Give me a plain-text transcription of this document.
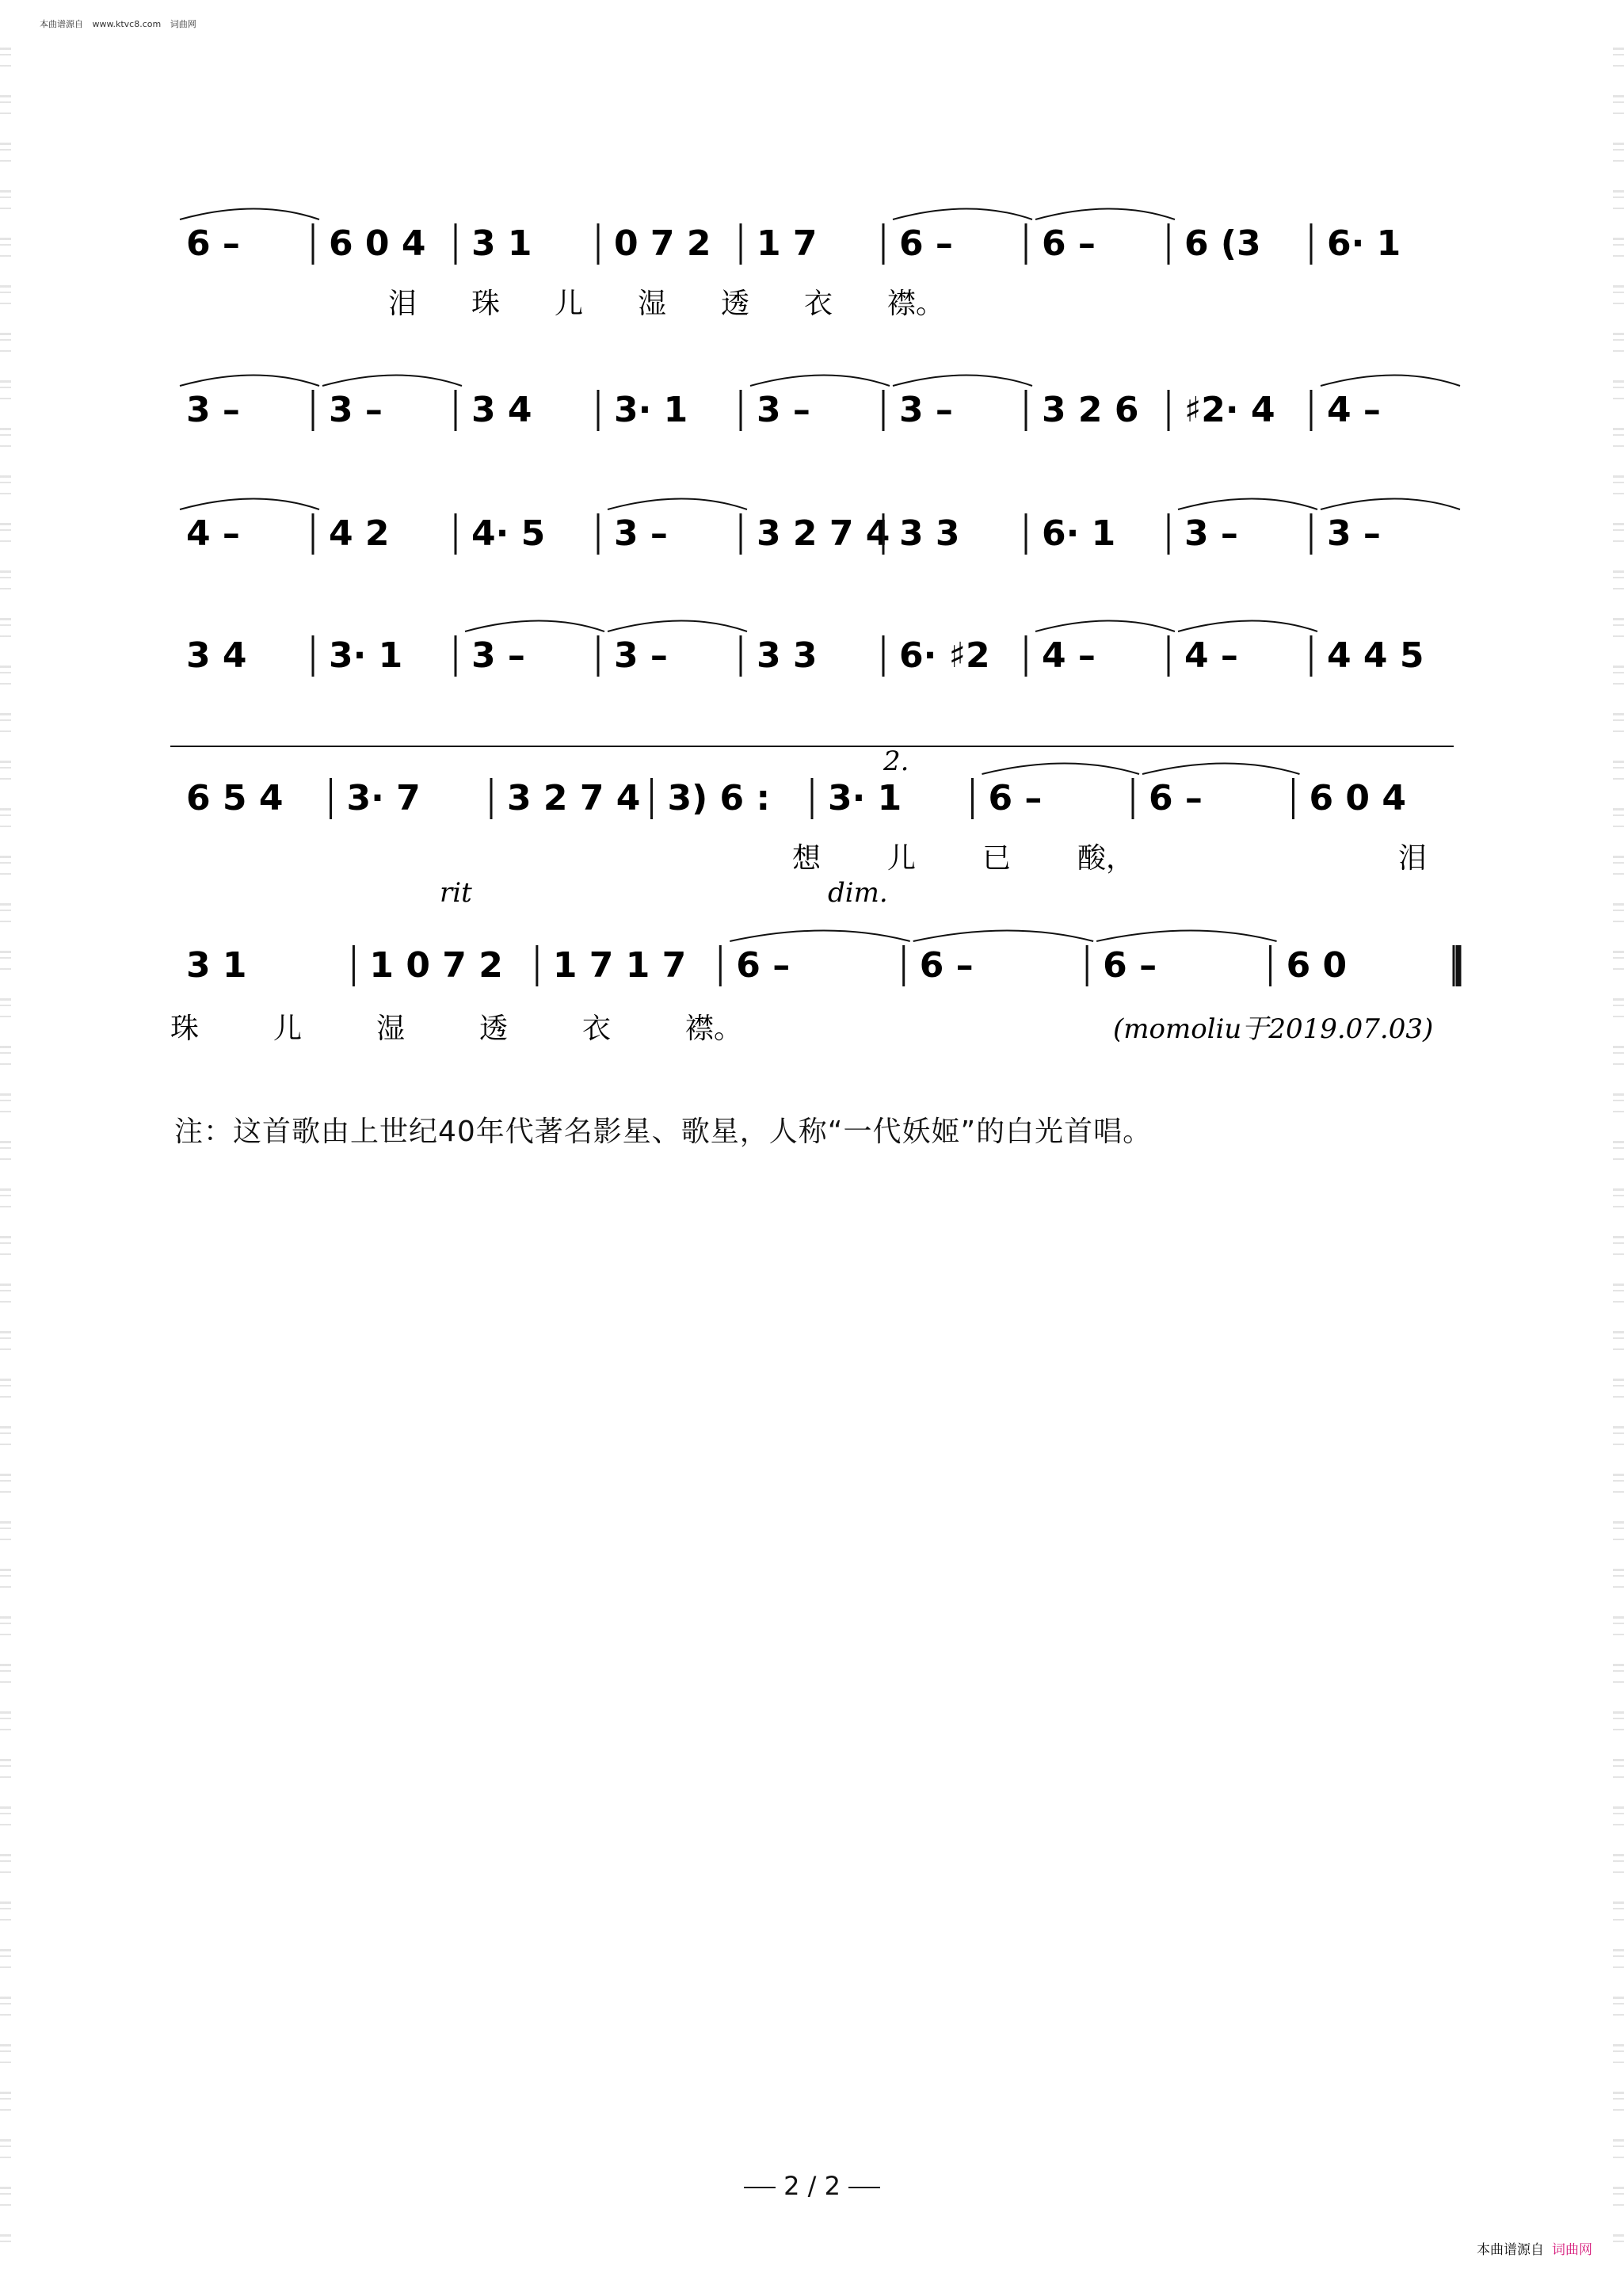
本曲谱源自 www.ktvc8.com 词曲网
6 –	6 0 4 3 1 0 7 2 1 7 6 –	6 –	6 (3 6· 1
泪 珠 儿 湿 透 衣 襟。
3 –	3 –	3 4 3· 1 3 –	3 –	3 2 6 ♯2· 4 4 –
4 –	4 2 4· 5 3 –	3 2 7 4 3 3 6· 1 3 –	3 –
3 4 3· 1 3 –	3 –	3 3 6· ♯2 4 –	4 –	4 4 5
6 5 4 3· 7 3 2 7 4 3) 6 : 3· 1 6 –	6 –	6 0 4
2.
想 儿 已 酸，	泪
3 1	1 0 7 2 1 7 1 7 6 –	6 –	6 –	6 0
rit	dim.
珠	儿	湿	透	衣	襟。	(momoliu于2019.07.03)
注：这首歌由上世纪40年代著名影星、歌星，人称“一代妖姬”的白光首唱。
2 / 2
本曲谱源自 词曲网
